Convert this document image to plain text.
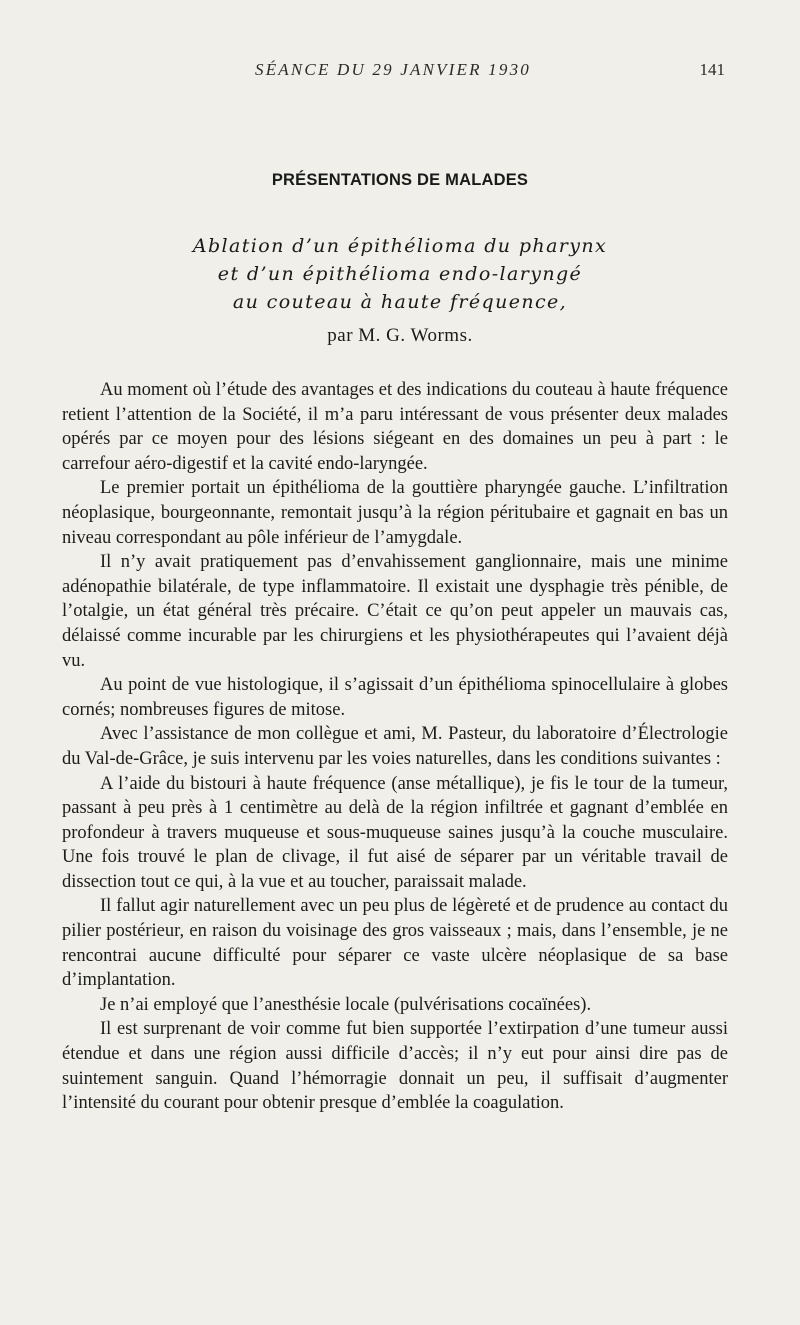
SÉANCE DU 29 JANVIER 1930	141
PRÉSENTATIONS DE MALADES
Ablation d’un épithélioma du pharynx
et d’un épithélioma endo-laryngé
au couteau à haute fréquence,
par M. G. Worms.

Au moment où l’étude des avantages et des indications du couteau à haute fréquence retient l’attention de la Société, il m’a paru intéressant de vous présenter deux malades opérés par ce moyen pour des lésions siégeant en des domaines un peu à part : le carrefour aéro-digestif et la cavité endo-laryngée.

Le premier portait un épithélioma de la gouttière pharyngée gauche. L’infiltration néoplasique, bourgeonnante, remontait jusqu’à la région péritubaire et gagnait en bas un niveau correspondant au pôle inférieur de l’amygdale.

Il n’y avait pratiquement pas d’envahissement ganglionnaire, mais une minime adénopathie bilatérale, de type inflammatoire. Il existait une dysphagie très pénible, de l’otalgie, un état général très précaire. C’était ce qu’on peut appeler un mauvais cas, délaissé comme incurable par les chirurgiens et les physiothérapeutes qui l’avaient déjà vu.

Au point de vue histologique, il s’agissait d’un épithélioma spinocellulaire à globes cornés; nombreuses figures de mitose.

Avec l’assistance de mon collègue et ami, M. Pasteur, du laboratoire d’Électrologie du Val-de-Grâce, je suis intervenu par les voies naturelles, dans les conditions suivantes :

A l’aide du bistouri à haute fréquence (anse métallique), je fis le tour de la tumeur, passant à peu près à 1 centimètre au delà de la région infiltrée et gagnant d’emblée en profondeur à travers muqueuse et sous-muqueuse saines jusqu’à la couche musculaire. Une fois trouvé le plan de clivage, il fut aisé de séparer par un véritable travail de dissection tout ce qui, à la vue et au toucher, paraissait malade.

Il fallut agir naturellement avec un peu plus de légèreté et de prudence au contact du pilier postérieur, en raison du voisinage des gros vaisseaux ; mais, dans l’ensemble, je ne rencontrai aucune difficulté pour séparer ce vaste ulcère néoplasique de sa base d’implantation.

Je n’ai employé que l’anesthésie locale (pulvérisations cocaïnées).

Il est surprenant de voir comme fut bien supportée l’extirpation d’une tumeur aussi étendue et dans une région aussi difficile d’accès; il n’y eut pour ainsi dire pas de suintement sanguin. Quand l’hémorragie donnait un peu, il suffisait d’augmenter l’intensité du courant pour obtenir presque d’emblée la coagulation.
